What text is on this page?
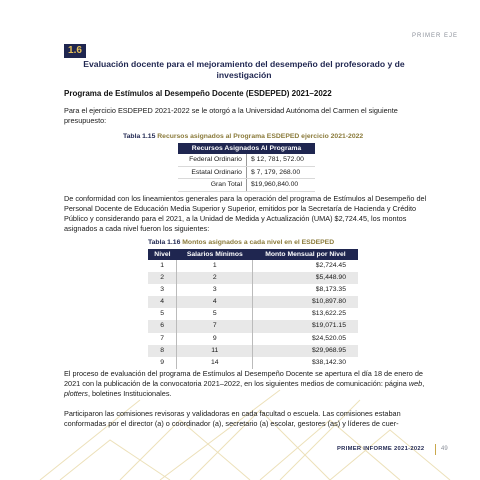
PRIMER EJE
1.6
Evaluación docente para el mejoramiento del desempeño del profesorado y de investigación
Programa de Estímulos al Desempeño Docente (ESDEPED) 2021–2022
Para el ejercicio ESDEPED 2021-2022 se le otorgó a la Universidad Autónoma del Carmen el siguiente presupuesto:
Tabla 1.15 Recursos asignados al Programa ESDEPED ejercicio 2021-2022
Recursos Asignados Al Programa	
Federal Ordinario	$ 12, 781, 572.00
Estatal Ordinario	$ 7, 179, 268.00
Gran Total	$19,960,840.00
De conformidad con los lineamientos generales para la operación del programa de Estímulos al Desempeño del Personal Docente de Educación Media Superior y Superior, emitidos por la Secretaría de Hacienda y Crédito Público y considerando para el 2021, a la Unidad de Medida y Actualización (UMA) $2,724.45, los montos asignados a cada nivel fueron los siguientes:
Tabla 1.16 Montos asignados a cada nivel en el ESDEPED
Nivel	Salarios Mínimos	Monto Mensual por Nivel
1	1	$2,724.45
2	2	$5,448.90
3	3	$8,173.35
4	4	$10,897.80
5	5	$13,622.25
6	7	$19,071.15
7	9	$24,520.05
8	11	$29,968.95
9	14	$38,142.30
El proceso de evaluación del programa de Estímulos al Desempeño Docente se apertura el día 18 de enero de 2021 con la publicación de la convocatoria 2021–2022, en los siguientes medios de comunicación: página web, plotters, boletines Institucionales.
Participaron las comisiones revisoras y validadoras en cada facultad o escuela. Las comisiones estaban conformadas por el director (a) o coordinador (a), secretario (a) escolar, gestores (as) y líderes de cuer-
PRIMER INFORME 2021-2022	49
